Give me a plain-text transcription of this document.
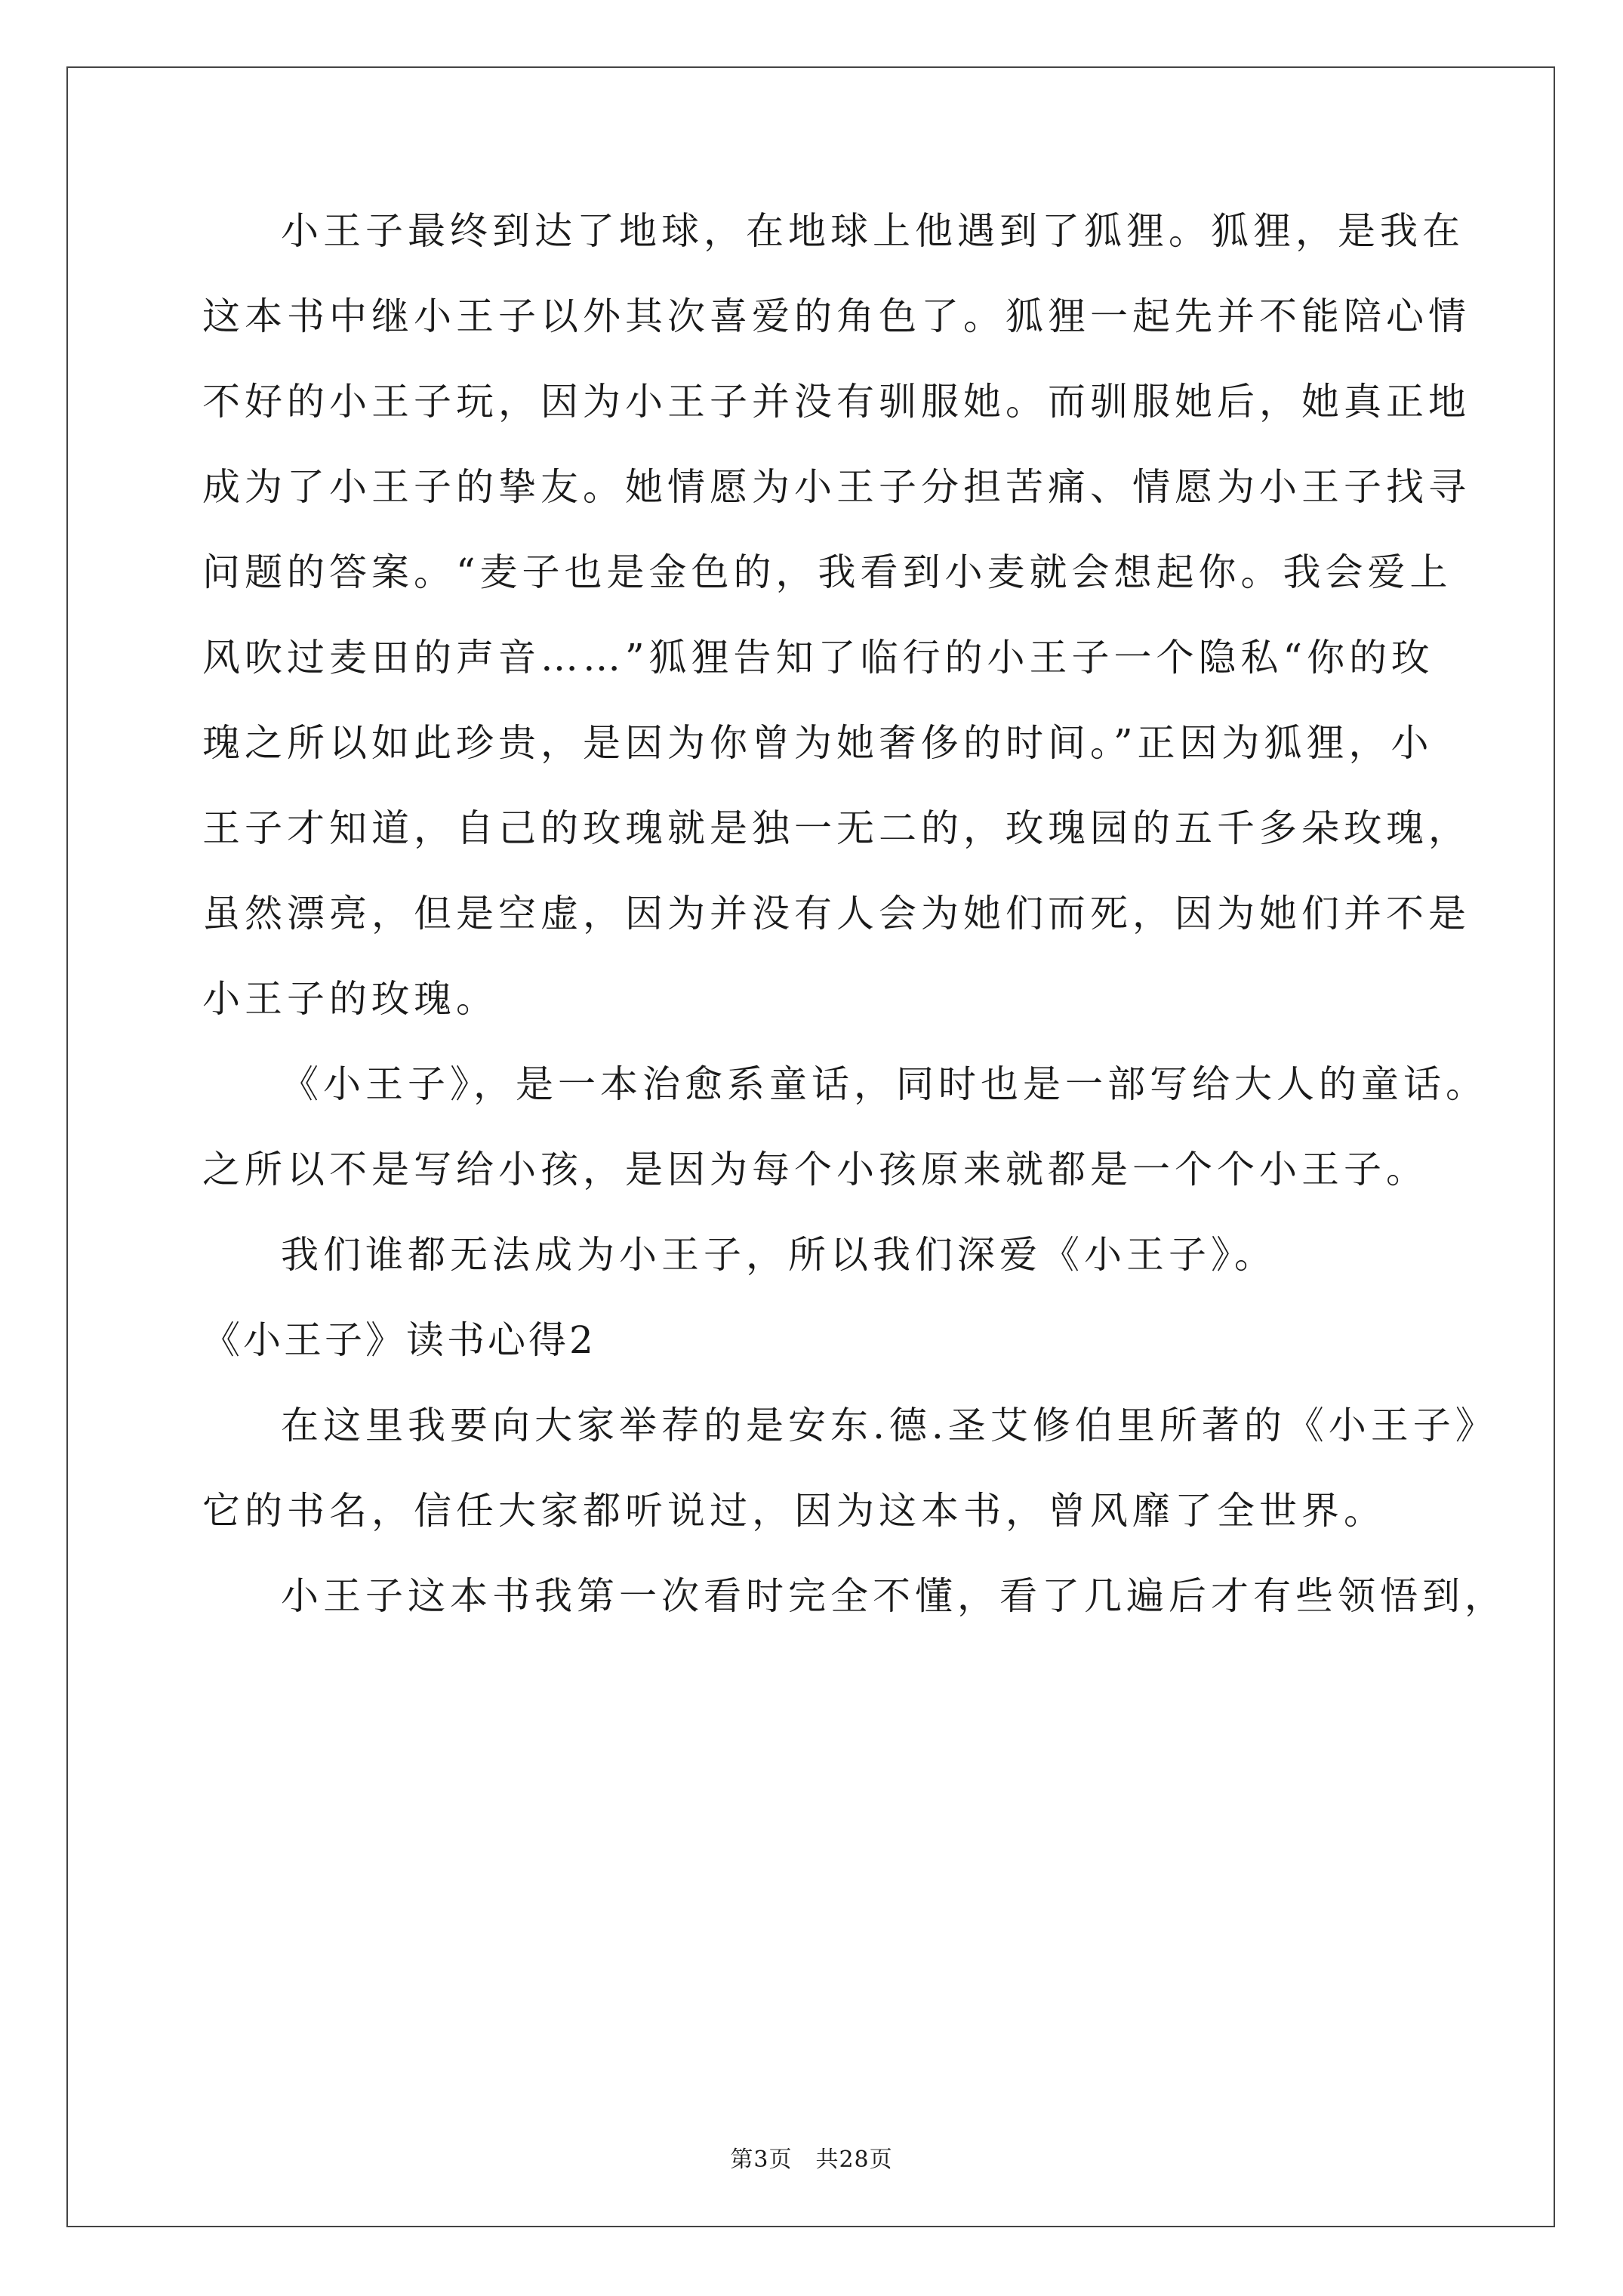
小王子最终到达了地球，在地球上他遇到了狐狸。狐狸，是我在
这本书中继小王子以外其次喜爱的角色了。狐狸一起先并不能陪心情
不好的小王子玩，因为小王子并没有驯服她。而驯服她后，她真正地
成为了小王子的挚友。她情愿为小王子分担苦痛、情愿为小王子找寻
问题的答案。“麦子也是金色的，我看到小麦就会想起你。我会爱上
风吹过麦田的声音……”狐狸告知了临行的小王子一个隐私“你的玫
瑰之所以如此珍贵，是因为你曾为她奢侈的时间。”正因为狐狸，小
王子才知道，自己的玫瑰就是独一无二的，玫瑰园的五千多朵玫瑰，
虽然漂亮，但是空虚，因为并没有人会为她们而死，因为她们并不是
小王子的玫瑰。
《小王子》，是一本治愈系童话，同时也是一部写给大人的童话。
之所以不是写给小孩，是因为每个小孩原来就都是一个个小王子。
我们谁都无法成为小王子，所以我们深爱《小王子》。
《小王子》读书心得2
在这里我要向大家举荐的是安东.德.圣艾修伯里所著的《小王子》
它的书名，信任大家都听说过，因为这本书，曾风靡了全世界。
小王子这本书我第一次看时完全不懂，看了几遍后才有些领悟到，
第3页　共28页
